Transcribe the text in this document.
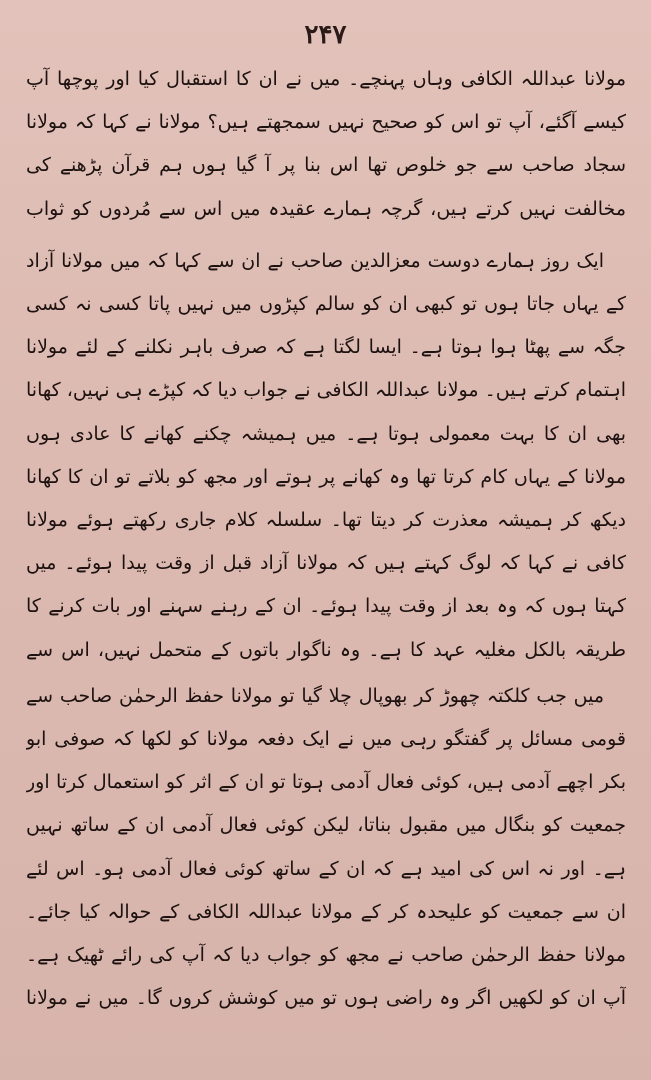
۲۴۷

مولانا عبداللہ الکافی وہاں پہنچے۔ میں نے ان کا استقبال کیا اور پوچھا آپ کیسے آگئے، آپ تو اس کو صحیح نہیں سمجھتے ہیں؟ مولانا نے کہا کہ مولانا سجاد صاحب سے جو خلوص تھا اس بنا پر آ گیا ہوں ہم قرآن پڑھنے کی مخالفت نہیں کرتے ہیں، گرچہ ہمارے عقیدہ میں اس سے مُردوں کو ثواب

ایک روز ہمارے دوست معزالدین صاحب نے ان سے کہا کہ میں مولانا آزاد کے یہاں جاتا ہوں تو کبھی ان کو سالم کپڑوں میں نہیں پاتا کسی نہ کسی جگہ سے پھٹا ہوا ہوتا ہے۔ ایسا لگتا ہے کہ صرف باہر نکلنے کے لئے مولانا اہتمام کرتے ہیں۔ مولانا عبداللہ الکافی نے جواب دیا کہ کپڑے ہی نہیں، کھانا بھی ان کا بہت معمولی ہوتا ہے۔ میں ہمیشہ چکنے کھانے کا عادی ہوں مولانا کے یہاں کام کرتا تھا وہ کھانے پر ہوتے اور مجھ کو بلاتے تو ان کا کھانا دیکھ کر ہمیشہ معذرت کر دیتا تھا۔ سلسلہ کلام جاری رکھتے ہوئے مولانا کافی نے کہا کہ لوگ کہتے ہیں کہ مولانا آزاد قبل از وقت پیدا ہوئے۔ میں کہتا ہوں کہ وہ بعد از وقت پیدا ہوئے۔ ان کے رہنے سہنے اور بات کرنے کا طریقہ بالکل مغلیہ عہد کا ہے۔ وہ ناگوار باتوں کے متحمل نہیں، اس سے

میں جب کلکتہ چھوڑ کر بھوپال چلا گیا تو مولانا حفظ الرحمٰن صاحب سے قومی مسائل پر گفتگو رہی میں نے ایک دفعہ مولانا کو لکھا کہ صوفی ابو بکر اچھے آدمی ہیں، کوئی فعال آدمی ہوتا تو ان کے اثر کو استعمال کرتا اور جمعیت کو بنگال میں مقبول بناتا، لیکن کوئی فعال آدمی ان کے ساتھ نہیں ہے۔ اور نہ اس کی امید ہے کہ ان کے ساتھ کوئی فعال آدمی ہو۔ اس لئے ان سے جمعیت کو علیحدہ کر کے مولانا عبداللہ الکافی کے حوالہ کیا جائے۔ مولانا حفظ الرحمٰن صاحب نے مجھ کو جواب دیا کہ آپ کی رائے ٹھیک ہے۔ آپ ان کو لکھیں اگر وہ راضی ہوں تو میں کوشش کروں گا۔ میں نے مولانا
